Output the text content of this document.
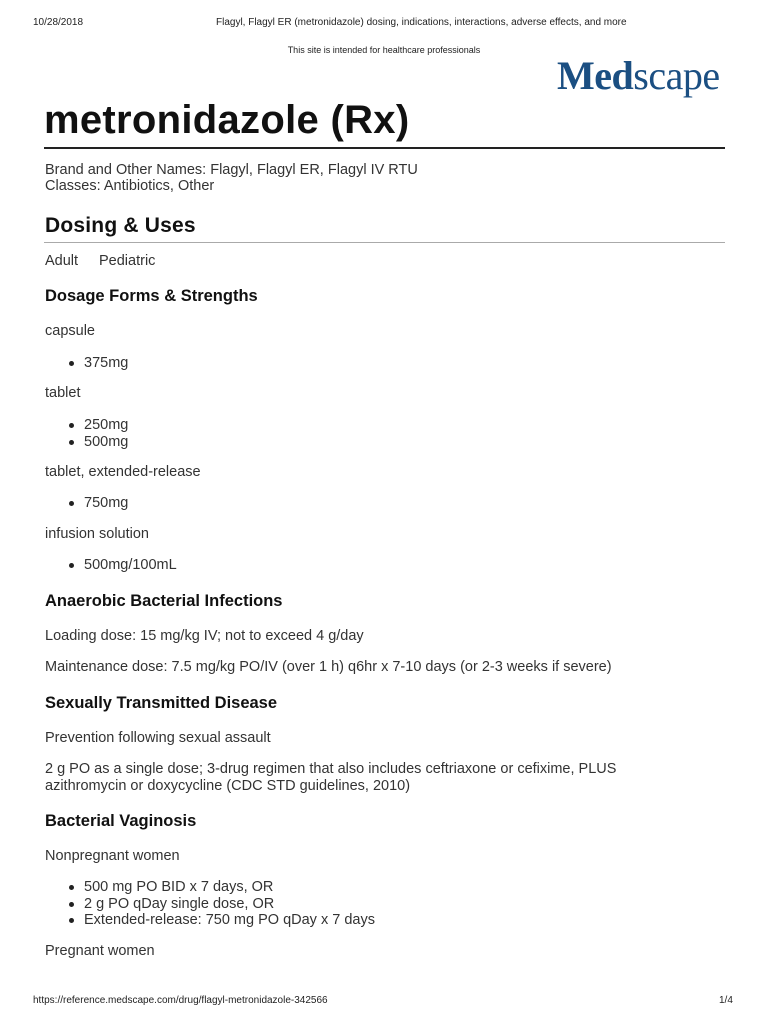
10/28/2018	Flagyl, Flagyl ER (metronidazole) dosing, indications, interactions, adverse effects, and more
This site is intended for healthcare professionals
Medscape
metronidazole (Rx)
Brand and Other Names: Flagyl, Flagyl ER, Flagyl IV RTU
Classes: Antibiotics, Other
Dosing & Uses
Adult Pediatric
Dosage Forms & Strengths

capsule

375mg

tablet

250mg
500mg

tablet, extended-release

750mg

infusion solution

500mg/100mL
Anaerobic Bacterial Infections

Loading dose: 15 mg/kg IV; not to exceed 4 g/day

Maintenance dose: 7.5 mg/kg PO/IV (over 1 h) q6hr x 7-10 days (or 2-3 weeks if severe)

Sexually Transmitted Disease

Prevention following sexual assault

2 g PO as a single dose; 3-drug regimen that also includes ceftriaxone or cefixime, PLUS

azithromycin or doxycycline (CDC STD guidelines, 2010)

Bacterial Vaginosis

Nonpregnant women

500 mg PO BID x 7 days, OR
2 g PO qDay single dose, OR
Extended-release: 750 mg PO qDay x 7 days

Pregnant women

https://reference.medscape.com/drug/flagyl-metronidazole-342566	1/4
